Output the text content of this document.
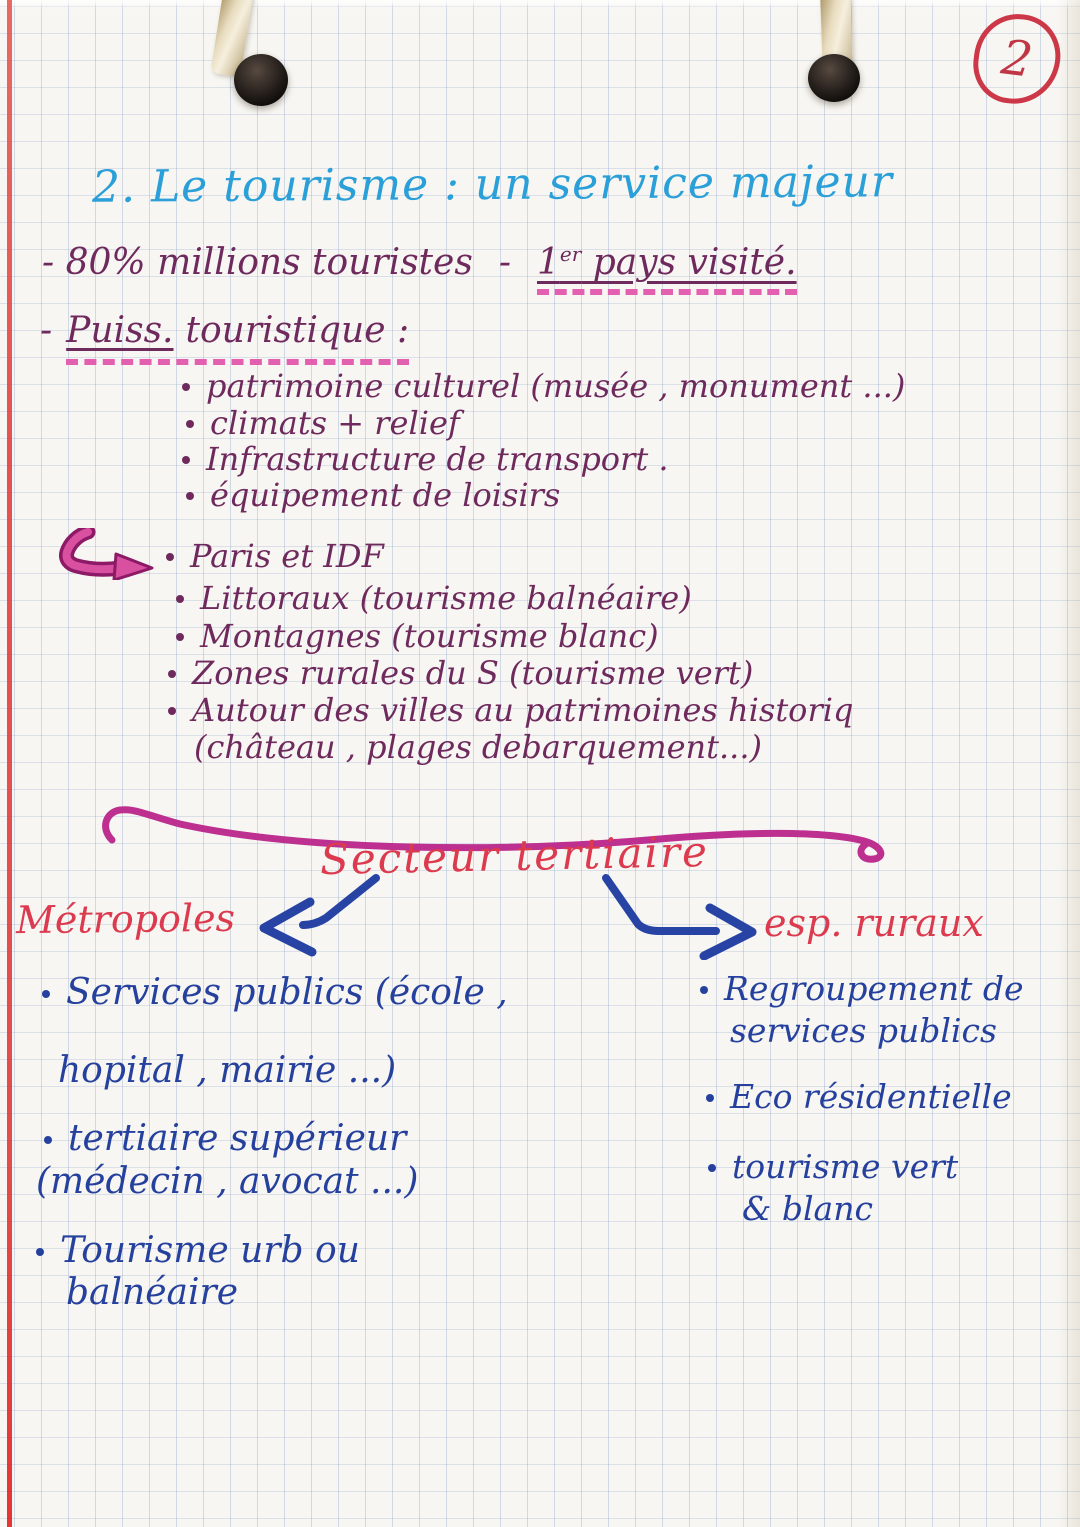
2
2. Le tourisme : un service majeur
- 80% millions touristes - 1er pays visité.
- Puiss. touristique :
patrimoine culturel (musée , monument ...)
climats + relief
Infrastructure de transport .
équipement de loisirs
Paris et IDF
Littoraux (tourisme balnéaire)
Montagnes (tourisme blanc)
Zones rurales du S (tourisme vert)
Autour des villes au patrimoines historiq
(château , plages debarquement...)
Secteur tertiaire
Métropoles	esp. ruraux
Services publics (école ,
hopital , mairie ...)
tertiaire supérieur
(médecin , avocat ...)
Tourisme urb ou
balnéaire
Regroupement de
services publics
Eco résidentielle
tourisme vert
& blanc
